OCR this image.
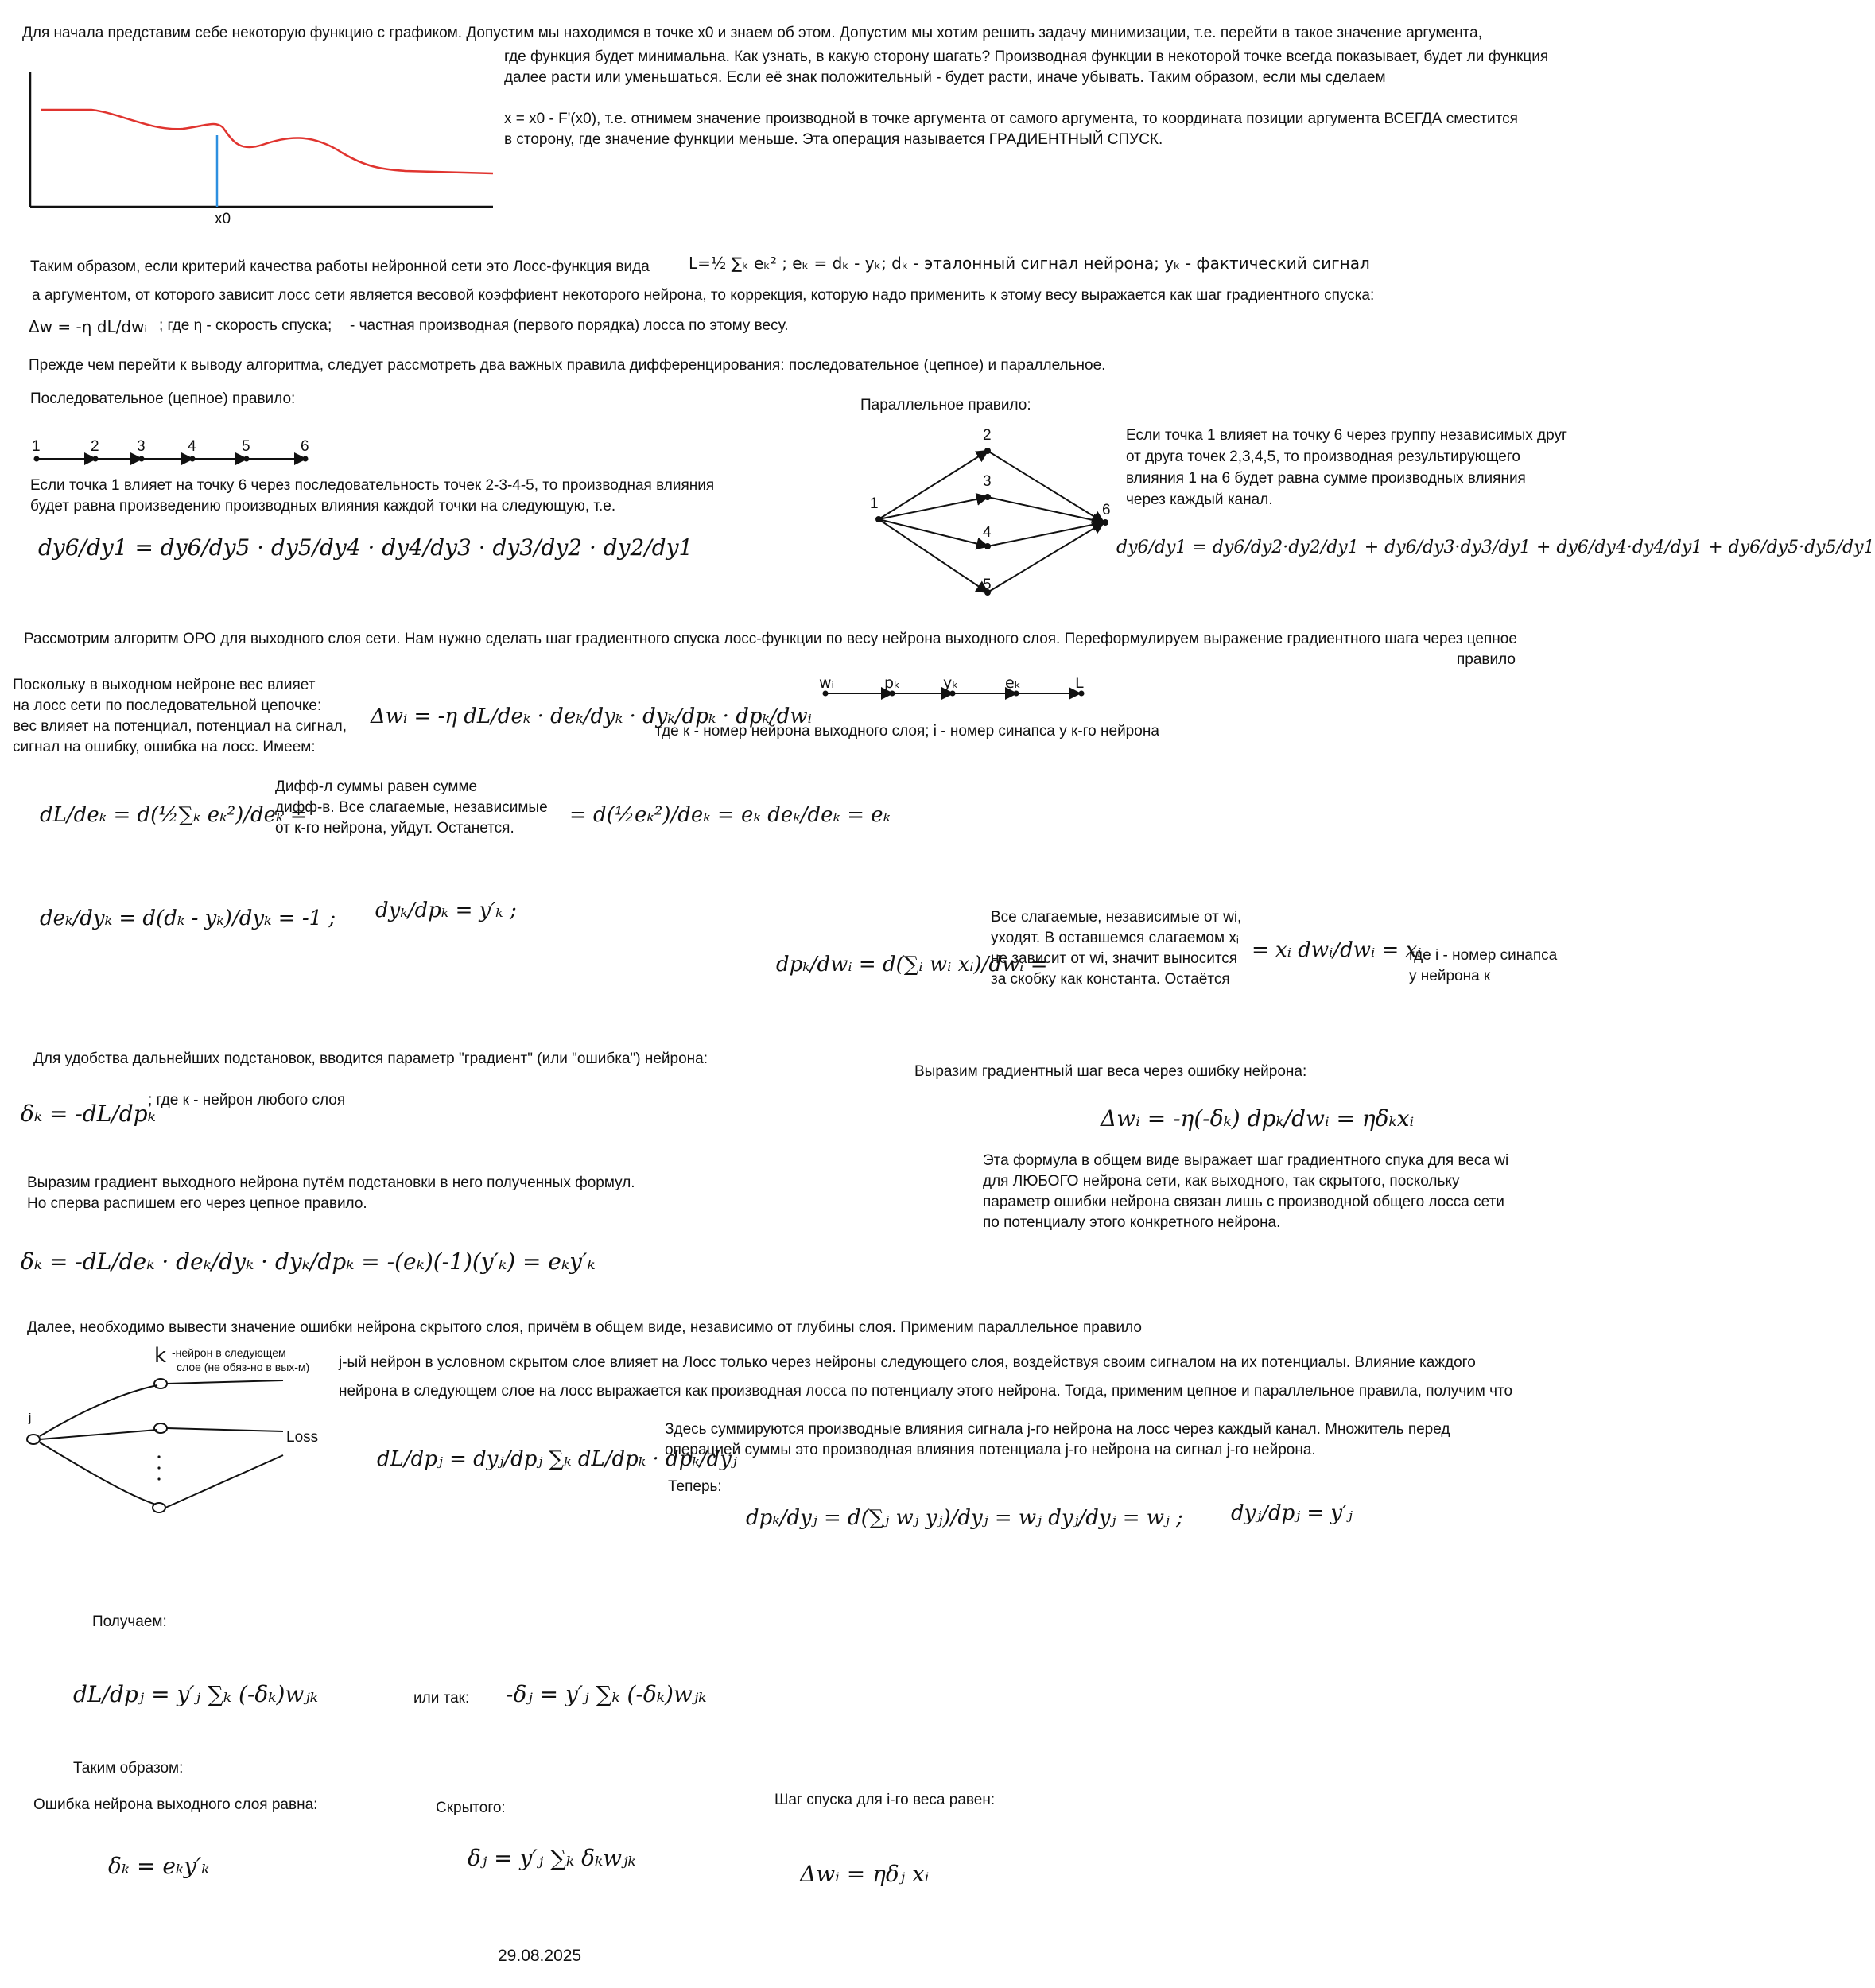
Для начала представим себе некоторую функцию с графиком. Допустим мы находимся в точке x0 и знаем об этом. Допустим мы хотим решить задачу минимизации, т.е. перейти в такое значение аргумента,
где функция будет минимальна. Как узнать, в какую сторону шагать? Производная функции в некоторой точке всегда показывает, будет ли функция
далее расти или уменьшаться. Если её знак положительный - будет расти, иначе убывать. Таким образом, если мы сделаем
x = x0 - F'(x0), т.е. отнимем значение производной в точке аргумента от самого аргумента, то координата позиции аргумента ВСЕГДА сместится
в сторону, где значение функции меньше. Эта операция называется ГРАДИЕНТНЫЙ СПУСК.
x0
Таким образом, если критерий качества работы нейронной сети это Лосс-функция вида L=½ ∑ₖ eₖ² ; eₖ = dₖ - yₖ; dₖ - эталонный сигнал нейрона; yₖ - фактический сигнал
а аргументом, от которого зависит лосс сети является весовой коэффиент некоторого нейрона, то коррекция, которую надо применить к этому весу выражается как шаг градиентного спуска:
Δw = -η dL/dwᵢ ; где η - скорость спуска; - частная производная (первого порядка) лосса по этому весу.
Прежде чем перейти к выводу алгоритма, следует рассмотреть два важных правила дифференцирования: последовательное (цепное) и параллельное.
Последовательное (цепное) правило:
1	2 3	4	5	6
Если точка 1 влияет на точку 6 через последовательность точек 2-3-4-5, то производная влияния
будет равна произведению производных влияния каждой точки на следующую, т.е.
dy6/dy1 = dy6/dy5 · dy5/dy4 · dy4/dy3 · dy3/dy2 · dy2/dy1
Параллельное правило:
1
2
3
4
5
6
Если точка 1 влияет на точку 6 через группу независимых друг
от друга точек 2,3,4,5, то производная результирующего
влияния 1 на 6 будет равна сумме производных влияния
через каждый канал.
dy6/dy1 = dy6/dy2·dy2/dy1 + dy6/dy3·dy3/dy1 + dy6/dy4·dy4/dy1 + dy6/dy5·dy5/dy1
Рассмотрим алгоритм ОРО для выходного слоя сети. Нам нужно сделать шаг градиентного спуска лосс-функции по весу нейрона выходного слоя. Переформулируем выражение градиентного шага через цепное
правило
Поскольку в выходном нейроне вес влияет
на лосс сети по последовательной цепочке:
вес влияет на потенциал, потенциал на сигнал,
сигнал на ошибку, ошибка на лосс. Имеем:
Δwᵢ = -η dL/deₖ · deₖ/dyₖ · dyₖ/dpₖ · dpₖ/dwᵢ
где к - номер нейрона выходного слоя; i - номер синапса у к-го нейрона
wᵢ	pₖ	yₖ	eₖ	L
dL/deₖ = d(½∑ₖ eₖ²)/deₖ =
Дифф-л суммы равен сумме
дифф-в. Все слагаемые, независимые
от к-го нейрона, уйдут. Останется.
= d(½eₖ²)/deₖ = eₖ deₖ/deₖ = eₖ
deₖ/dyₖ = d(dₖ - yₖ)/dyₖ = -1 ; dyₖ/dpₖ = y′ₖ ;
dpₖ/dwᵢ = d(∑ᵢ wᵢ xᵢ)/dwᵢ =
Все слагаемые, независимые от wi,
уходят. В оставшемся слагаемом xᵢ
не зависит от wi, значит выносится
за скобку как константа. Остаётся
= xᵢ dwᵢ/dwᵢ = xᵢ
где i - номер синапса
у нейрона к
Для удобства дальнейших подстановок, вводится параметр "градиент" (или "ошибка") нейрона:
δₖ = -dL/dpₖ
; где к - нейрон любого слоя
Выразим градиент выходного нейрона путём подстановки в него полученных формул.
Но сперва распишем его через цепное правило.
δₖ = -dL/deₖ · deₖ/dyₖ · dyₖ/dpₖ = -(eₖ)(-1)(y′ₖ) = eₖy′ₖ
Выразим градиентный шаг веса через ошибку нейрона:
Δwᵢ = -η(-δₖ) dpₖ/dwᵢ = ηδₖxᵢ
Эта формула в общем виде выражает шаг градиентного спука для веса wi
для ЛЮБОГО нейрона сети, как выходного, так скрытого, поскольку
параметр ошибки нейрона связан лишь с производной общего лосса сети
по потенциалу этого конкретного нейрона.
Далее, необходимо вывести значение ошибки нейрона скрытого слоя, причём в общем виде, независимо от глубины слоя. Применим параллельное правило
k -нейрон в следующем
слое (не обяз-но в вых-м)
j
Loss
j-ый нейрон в условном скрытом слое влияет на Лосс только через нейроны следующего слоя, воздействуя своим сигналом на их потенциалы. Влияние каждого
нейрона в следующем слое на лосс выражается как производная лосса по потенциалу этого нейрона. Тогда, применим цепное и параллельное правила, получим что
dL/dpⱼ = dyⱼ/dpⱼ ∑ₖ dL/dpₖ · dpₖ/dyⱼ
Здесь суммируются производные влияния сигнала j-го нейрона на лосс через каждый канал. Множитель перед
операцией суммы это производная влияния потенциала j-го нейрона на сигнал j-го нейрона.
Теперь:
dpₖ/dyⱼ = d(∑ⱼ wⱼ yⱼ)/dyⱼ = wⱼ dyⱼ/dyⱼ = wⱼ ; dyⱼ/dpⱼ = y′ⱼ
Получаем:
dL/dpⱼ = y′ⱼ ∑ₖ (-δₖ)wⱼₖ	или так: -δⱼ = y′ⱼ ∑ₖ (-δₖ)wⱼₖ
Таким образом:
Ошибка нейрона выходного слоя равна:
δₖ = eₖy′ₖ
Скрытого:
δⱼ = y′ⱼ ∑ₖ δₖwⱼₖ
Шаг спуска для i-го веса равен:
Δwᵢ = ηδⱼ xᵢ
29.08.2025
